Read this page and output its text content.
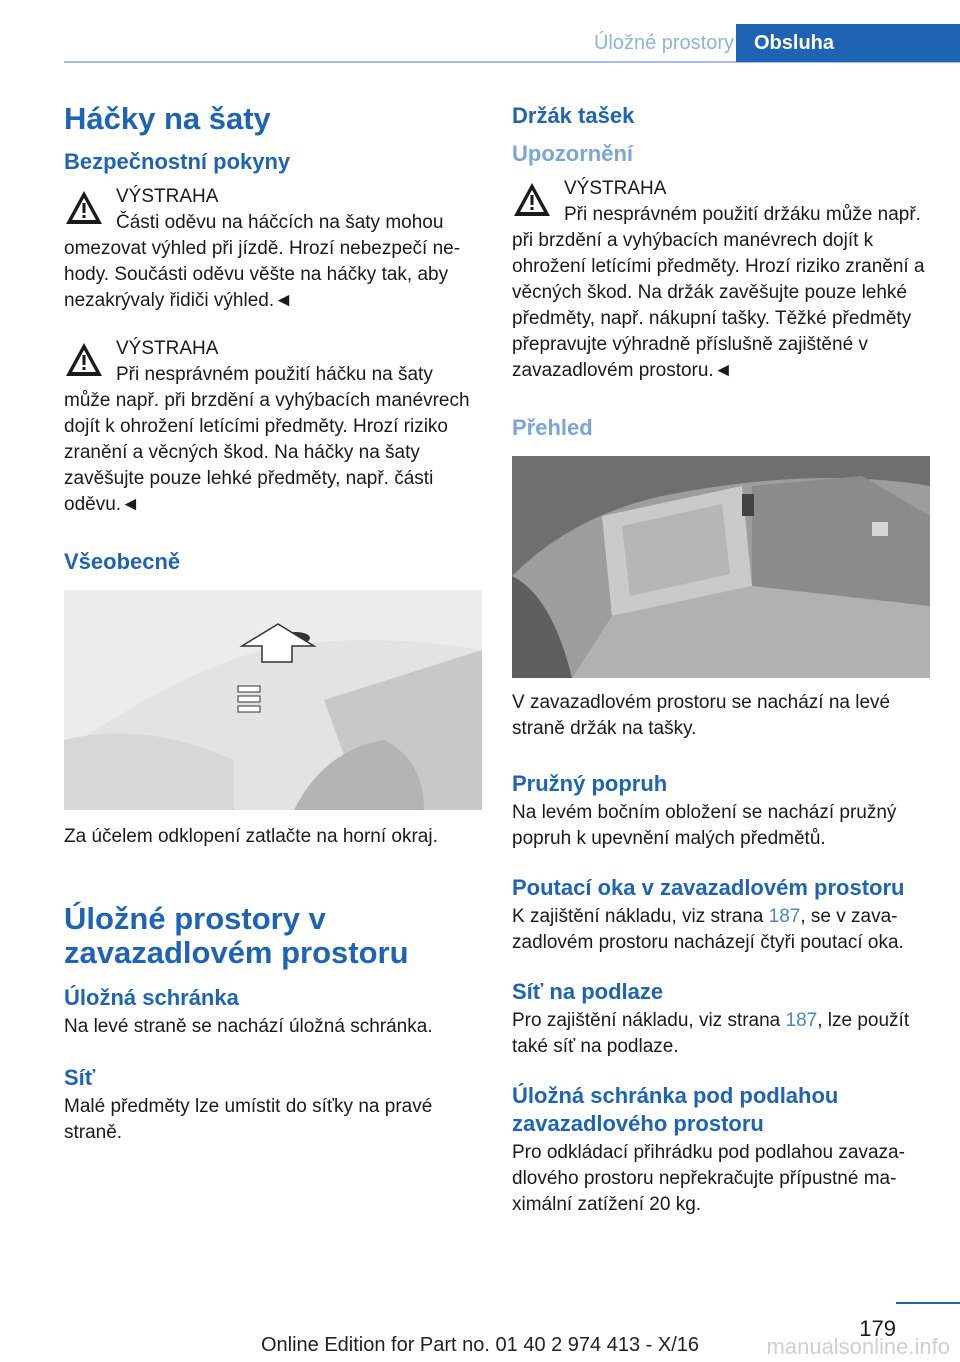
Úložné prostory	Obsluha
Háčky na šaty
Bezpečnostní pokyny
VÝSTRAHA
Části oděvu na háčcích na šaty mohou omezovat výhled při jízdě. Hrozí nebezpečí nehody. Součásti oděvu věšte na háčky tak, aby nezakrývaly řidiči výhled.◄
VÝSTRAHA
Při nesprávném použití háčku na šaty může např. při brzdění a vyhýbacích manévrech dojít k ohrožení letícími předměty. Hrozí riziko zranění a věcných škod. Na háčky na šaty zavěšujte pouze lehké předměty, např. části oděvu.◄
Všeobecně

Za účelem odklopení zatlačte na horní okraj.

Úložné prostory v zavazadlovém prostoru
Úložná schránka

Na levé straně se nachází úložná schránka.

Síť

Malé předměty lze umístit do síťky na pravé straně.

Držák tašek
Upozornění
VÝSTRAHA
Při nesprávném použití držáku může např. při brzdění a vyhýbacích manévrech dojít k ohrožení letícími předměty. Hrozí riziko zranění a věcných škod. Na držák zavěšujte pouze lehké předměty, např. nákupní tašky. Těžké předměty přepravujte výhradně příslušně zajištěné v zavazadlovém prostoru.◄
Přehled

V zavazadlovém prostoru se nachází na levé straně držák na tašky.

Pružný popruh

Na levém bočním obložení se nachází pružný popruh k upevnění malých předmětů.

Poutací oka v zavazadlovém prostoru

K zajištění nákladu, viz strana 187, se v zavazadlovém prostoru nacházejí čtyři poutací oka.

Síť na podlaze

Pro zajištění nákladu, viz strana 187, lze použít také síť na podlaze.

Úložná schránka pod podlahou zavazadlového prostoru

Pro odkládací přihrádku pod podlahou zavazadlového prostoru nepřekračujte přípustné maximální zatížení 20 kg.

179
Online Edition for Part no. 01 40 2 974 413 - X/16	manualsonline.info
